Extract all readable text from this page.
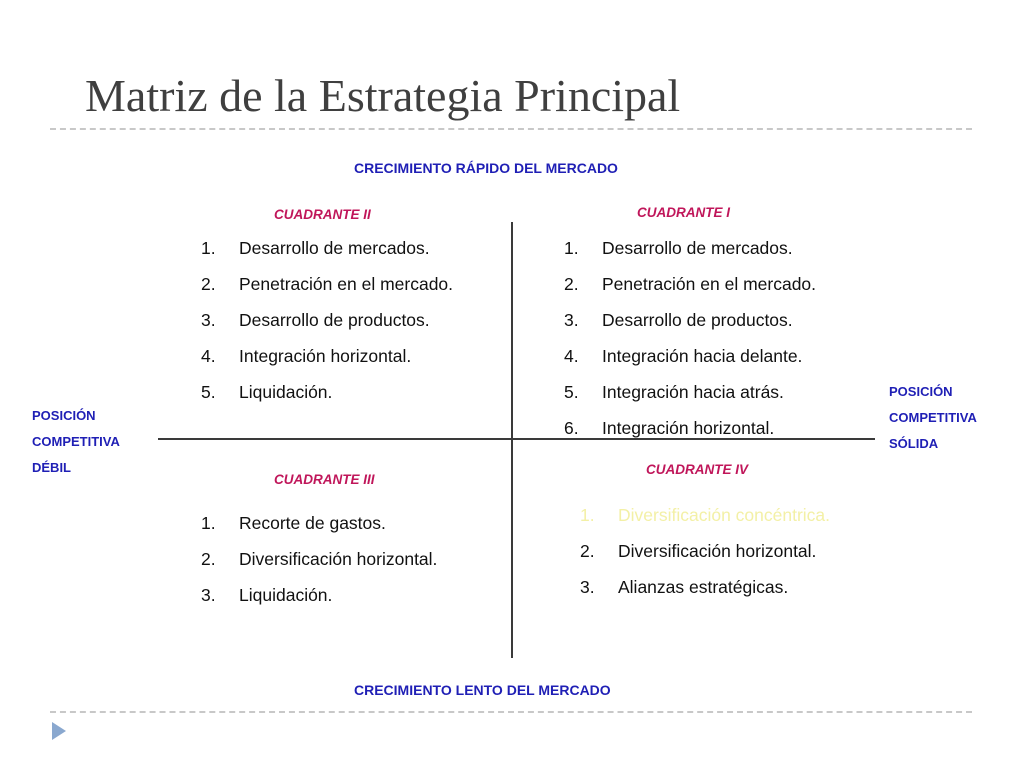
Matriz de la Estrategia Principal
CRECIMIENTO RÁPIDO DEL MERCADO
CUADRANTE II	CUADRANTE I
1. Desarrollo de mercados.
2. Penetración en el mercado.
3. Desarrollo de productos.
4. Integración horizontal.
5. Liquidación.
1. Desarrollo de mercados.
2. Penetración en el mercado.
3. Desarrollo de productos.
4. Integración hacia delante.
5. Integración hacia atrás.
6. Integración horizontal.
POSICIÓN
COMPETITIVA
DÉBIL
POSICIÓN
COMPETITIVA
SÓLIDA
CUADRANTE III
CUADRANTE IV
1. Recorte de gastos.
2. Diversificación horizontal.
3. Liquidación.
1. Diversificación concéntrica.
2. Diversificación horizontal.
3. Alianzas estratégicas.
CRECIMIENTO LENTO DEL MERCADO
